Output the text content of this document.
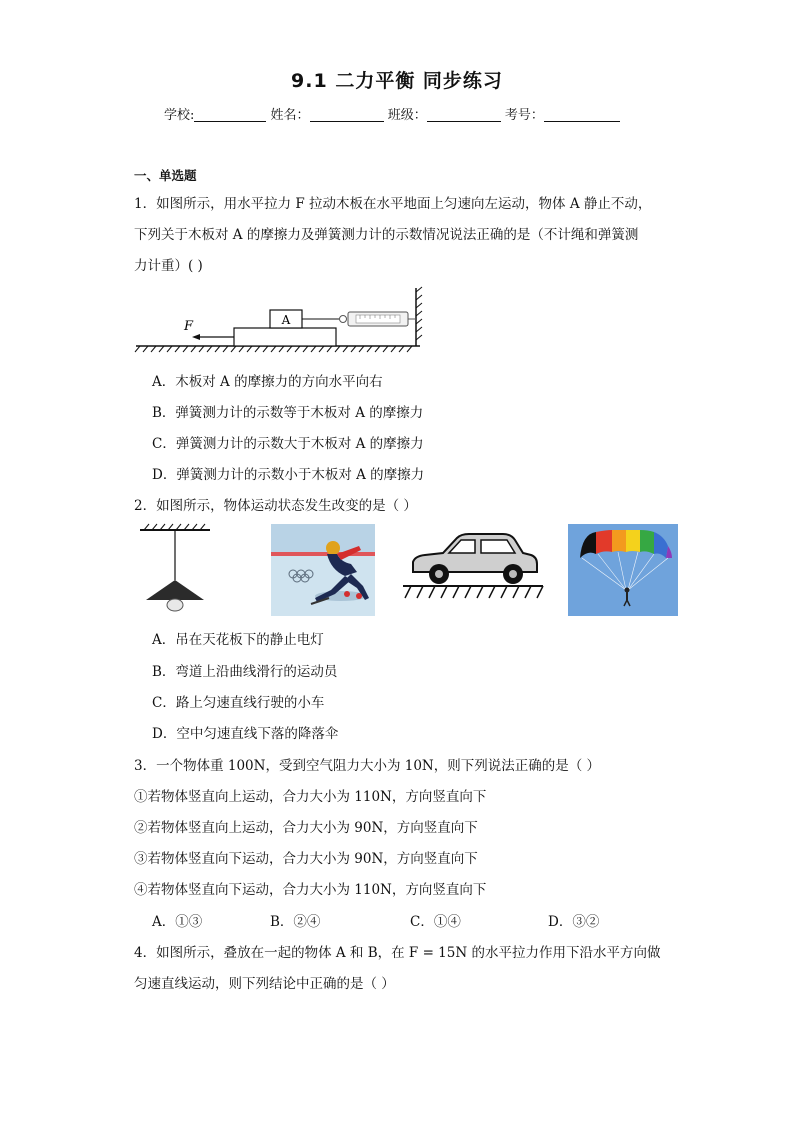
9.1 二力平衡 同步练习
学校:	姓名：	班级：	考号：
一、单选题
1．如图所示，用水平拉力 F 拉动木板在水平地面上匀速向左运动，物体 A 静止不动，
下列关于木板对 A 的摩擦力及弹簧测力计的示数情况说法正确的是（不计绳和弹簧测
力计重）( )
A
F
A．木板对 A 的摩擦力的方向水平向右
B．弹簧测力计的示数等于木板对 A 的摩擦力
C．弹簧测力计的示数大于木板对 A 的摩擦力
D．弹簧测力计的示数小于木板对 A 的摩擦力
2．如图所示，物体运动状态发生改变的是（ ）
A．吊在天花板下的静止电灯
B．弯道上沿曲线滑行的运动员
C．路上匀速直线行驶的小车
D．空中匀速直线下落的降落伞
3．一个物体重 100N，受到空气阻力大小为 10N，则下列说法正确的是（ ）
①若物体竖直向上运动，合力大小为 110N，方向竖直向下
②若物体竖直向上运动，合力大小为 90N，方向竖直向下
③若物体竖直向下运动，合力大小为 90N，方向竖直向下
④若物体竖直向下运动，合力大小为 110N，方向竖直向下
A．①③	B．②④	C．①④	D．③②
4．如图所示，叠放在一起的物体 A 和 B，在 F = 15N 的水平拉力作用下沿水平方向做
匀速直线运动，则下列结论中正确的是（ ）
